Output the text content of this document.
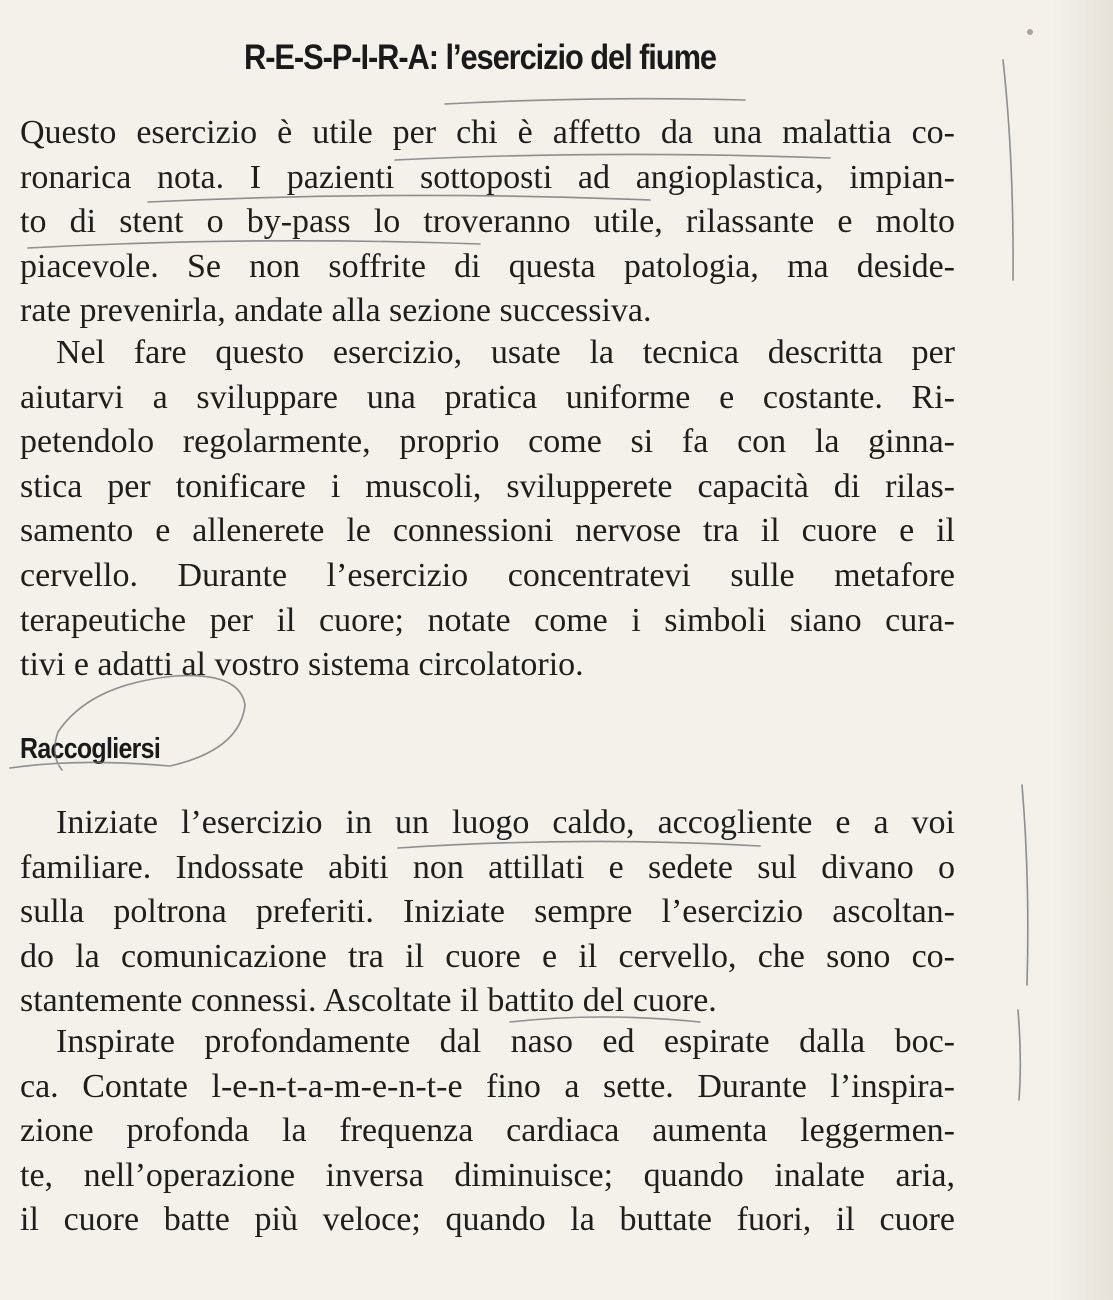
R-E-S-P-I-R-A: l’esercizio del fiume
Questo esercizio è utile per chi è affetto da una malattia co-
ronarica nota. I pazienti sottoposti ad angioplastica, impian-
to di stent o by-pass lo troveranno utile, rilassante e molto
piacevole. Se non soffrite di questa patologia, ma deside-
rate prevenirla, andate alla sezione successiva.
Nel fare questo esercizio, usate la tecnica descritta per
aiutarvi a sviluppare una pratica uniforme e costante. Ri-
petendolo regolarmente, proprio come si fa con la ginna-
stica per tonificare i muscoli, svilupperete capacità di rilas-
samento e allenerete le connessioni nervose tra il cuore e il
cervello. Durante l’esercizio concentratevi sulle metafore
terapeutiche per il cuore; notate come i simboli siano cura-
tivi e adatti al vostro sistema circolatorio.
Raccogliersi
Iniziate l’esercizio in un luogo caldo, accogliente e a voi
familiare. Indossate abiti non attillati e sedete sul divano o
sulla poltrona preferiti. Iniziate sempre l’esercizio ascoltan-
do la comunicazione tra il cuore e il cervello, che sono co-
stantemente connessi. Ascoltate il battito del cuore.
Inspirate profondamente dal naso ed espirate dalla boc-
ca. Contate l-e-n-t-a-m-e-n-t-e fino a sette. Durante l’inspira-
zione profonda la frequenza cardiaca aumenta leggermen-
te, nell’operazione inversa diminuisce; quando inalate aria,
il cuore batte più veloce; quando la buttate fuori, il cuore
